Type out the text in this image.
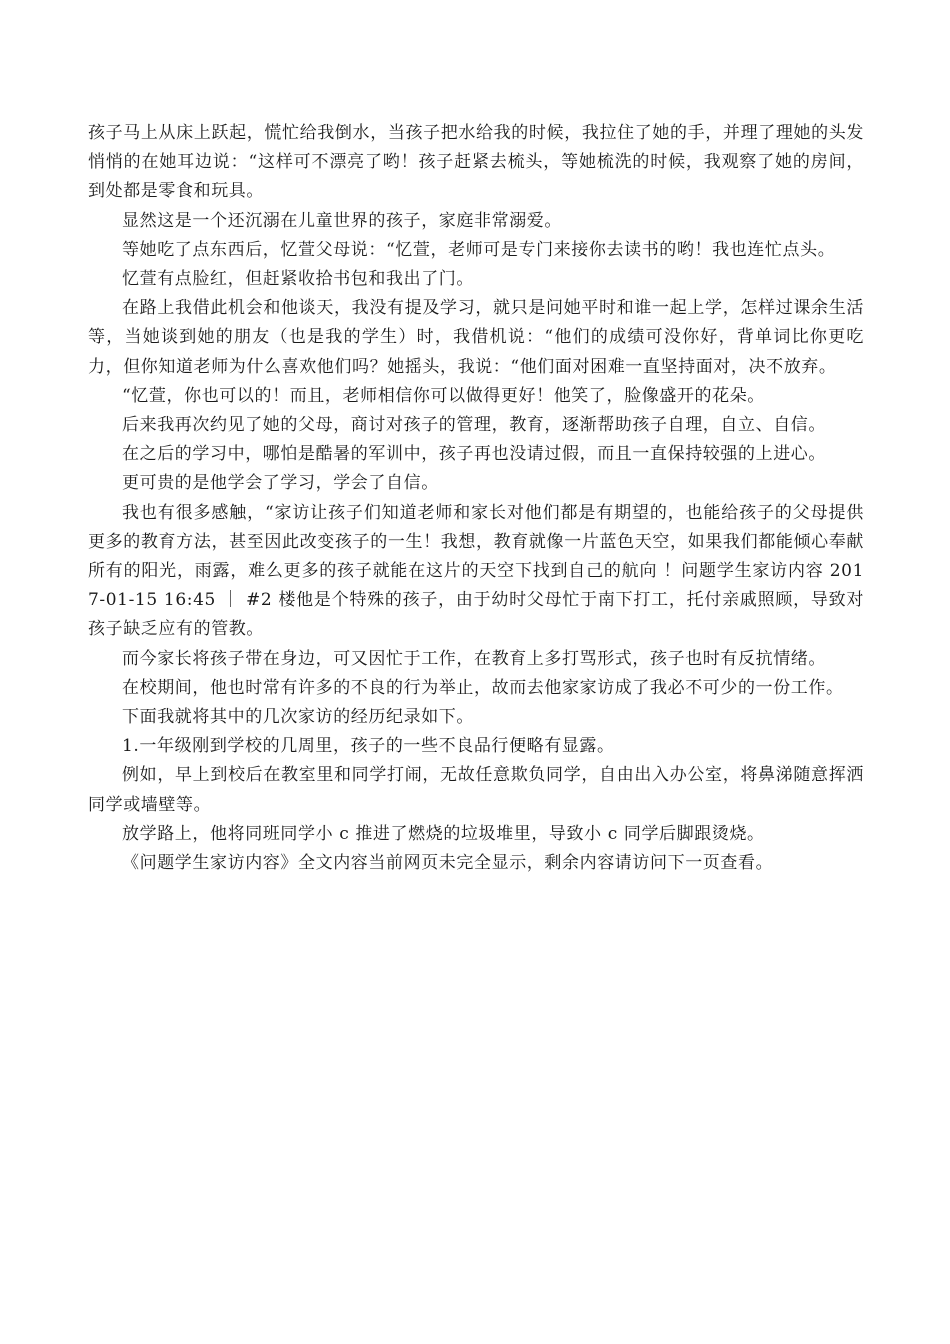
孩子马上从床上跃起，慌忙给我倒水，当孩子把水给我的时候，我拉住了她的手，并理了理她的头发悄悄的在她耳边说：“这样可不漂亮了哟！孩子赶紧去梳头，等她梳洗的时候，我观察了她的房间，到处都是零食和玩具。

显然这是一个还沉溺在儿童世界的孩子，家庭非常溺爱。

等她吃了点东西后，忆萱父母说：“忆萱，老师可是专门来接你去读书的哟！我也连忙点头。

忆萱有点脸红，但赶紧收拾书包和我出了门。

在路上我借此机会和他谈天，我没有提及学习，就只是问她平时和谁一起上学，怎样过课余生活等，当她谈到她的朋友（也是我的学生）时，我借机说：“他们的成绩可没你好，背单词比你更吃力，但你知道老师为什么喜欢他们吗？她摇头，我说：“他们面对困难一直坚持面对，决不放弃。

“忆萱，你也可以的！而且，老师相信你可以做得更好！他笑了，脸像盛开的花朵。

后来我再次约见了她的父母，商讨对孩子的管理，教育，逐渐帮助孩子自理，自立、自信。

在之后的学习中，哪怕是酷暑的军训中，孩子再也没请过假，而且一直保持较强的上进心。

更可贵的是他学会了学习，学会了自信。

我也有很多感触，“家访让孩子们知道老师和家长对他们都是有期望的，也能给孩子的父母提供更多的教育方法，甚至因此改变孩子的一生！我想，教育就像一片蓝色天空，如果我们都能倾心奉献所有的阳光，雨露，难么更多的孩子就能在这片的天空下找到自己的航向 ！问题学生家访内容 2017-01-15 16:45 ｜ #2 楼他是个特殊的孩子，由于幼时父母忙于南下打工，托付亲戚照顾，导致对孩子缺乏应有的管教。

而今家长将孩子带在身边，可又因忙于工作，在教育上多打骂形式，孩子也时有反抗情绪。

在校期间，他也时常有许多的不良的行为举止，故而去他家家访成了我必不可少的一份工作。

下面我就将其中的几次家访的经历纪录如下。

1.一年级刚到学校的几周里，孩子的一些不良品行便略有显露。

例如，早上到校后在教室里和同学打闹，无故任意欺负同学，自由出入办公室，将鼻涕随意挥洒同学或墙壁等。

放学路上，他将同班同学小 c 推进了燃烧的垃圾堆里，导致小 c 同学后脚跟烫烧。

《问题学生家访内容》全文内容当前网页未完全显示，剩余内容请访问下一页查看。
